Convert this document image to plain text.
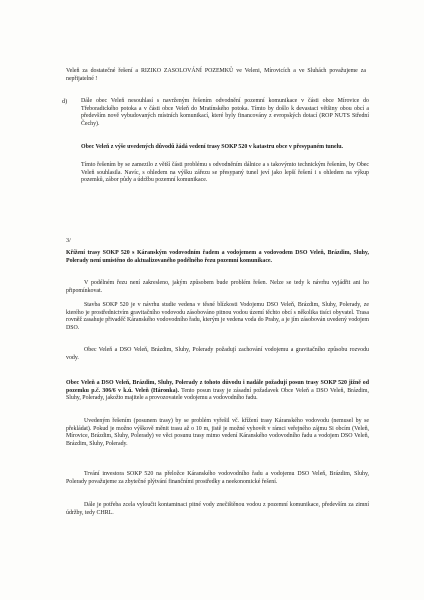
Veleň za dostatečné řešení a RIZIKO ZASOLOVÁNÍ POZEMKŮ ve Veleni, Mírovicích a ve Sluhách považujeme za nepřijatelné !

d) Dále obec Veleň nesouhlasí s navrženým řešením odvodnění pozemní komunikace v části obce Mírovice do Třeboradického potoka a v části obce Veleň do Mratínského potoka. Tímto by došlo k devastaci většiny obou obcí a především nově vybudovaných místních komunikací, které byly financovány z evropských dotací (ROP NUTS Střední Čechy).

Obec Veleň z výše uvedených důvodů žádá vedení trasy SOKP 520 v katastru obce v přesypaném tunelu.

Tímto řešením by se zamezilo z větší části problému s odvodněním dálnice a s takovýmto technickým řešením, by Obec Veleň souhlasila. Navíc, s ohledem na výšku zářezu se přesypaný tunel jeví jako lepší řešení i s ohledem na výkup pozemků, zábor půdy a údržbu pozemní komunikace.

3/

Křížení trasy SOKP 520 s Káranským vodovodním řadem a vodojemem a vodovodem DSO Veleň, Brázdim, Sluhy, Polerady není umístěno do aktualizovaného podélného řezu pozemní komunikace.

V podélném řezu není zakresleno, jakým způsobem bude problém řešen. Nelze se tedy k návrhu vyjádřit ani ho připomínkovat.

Stavba SOKP 520 je v návrhu studie vedena v těsné blízkosti Vodojemu DSO Veleň, Brázdim, Sluhy, Polerady, ze kterého je prostřednictvím gravitačního vodovodu zásobováno pitnou vodou území těchto obcí s několika tisíci obyvatel. Trasa rovněž zasahuje přivaděč Káranského vodovodního řadu, kterým je vedena voda do Prahy, a je jím zásobován uvedený vodojem DSO.

Obec Veleň a DSO Veleň, Brázdim, Sluhy, Polerady požadují zachování vodojemu a gravitačního způsobu rozvodu vody.

Obec Veleň a DSO Veleň, Brázdim, Sluhy, Polerady z tohoto důvodu i nadále požadují posun trasy SOKP 520 jižně od pozemku p.č. 306/6 v k.ú. Veleň (Háronka). Tento posun trasy je zásadní požadavek Obce Veleň a DSO Veleň, Brázdim, Sluhy, Polerady, jakožto majitele a provozovatele vodojemu a vodovodního řadu.

Uvedeným řešením (posunem trasy) by se problém vyřešil vč. křížení trasy Káranského vodovodu (nemusel by se překládat). Pokud je možno výškově měnit trasu až o 10 m, jistě je možné vyhovět v rámci veřejného zájmu Si obcím (Veleň, Mírovice, Brázdim, Sluhy, Polerady) ve věci posunu trasy mimo vedení Káranského vodovodního řadu a vodojem DSO Veleň, Brázdim, Sluhy, Polerady.

Trvání investora SOKP 520 na přeložce Káranského vodovodního řadu a vodojemu DSO Veleň, Brázdim, Sluhy, Polerady považujeme za zbytečné plýtvání finančními prostředky a neekonomické řešení.

Dále je potřeba zcela vyloučit kontaminaci pitné vody znečištěnou vodou z pozemní komunikace, především za zimní údržby, tedy CHRL.
